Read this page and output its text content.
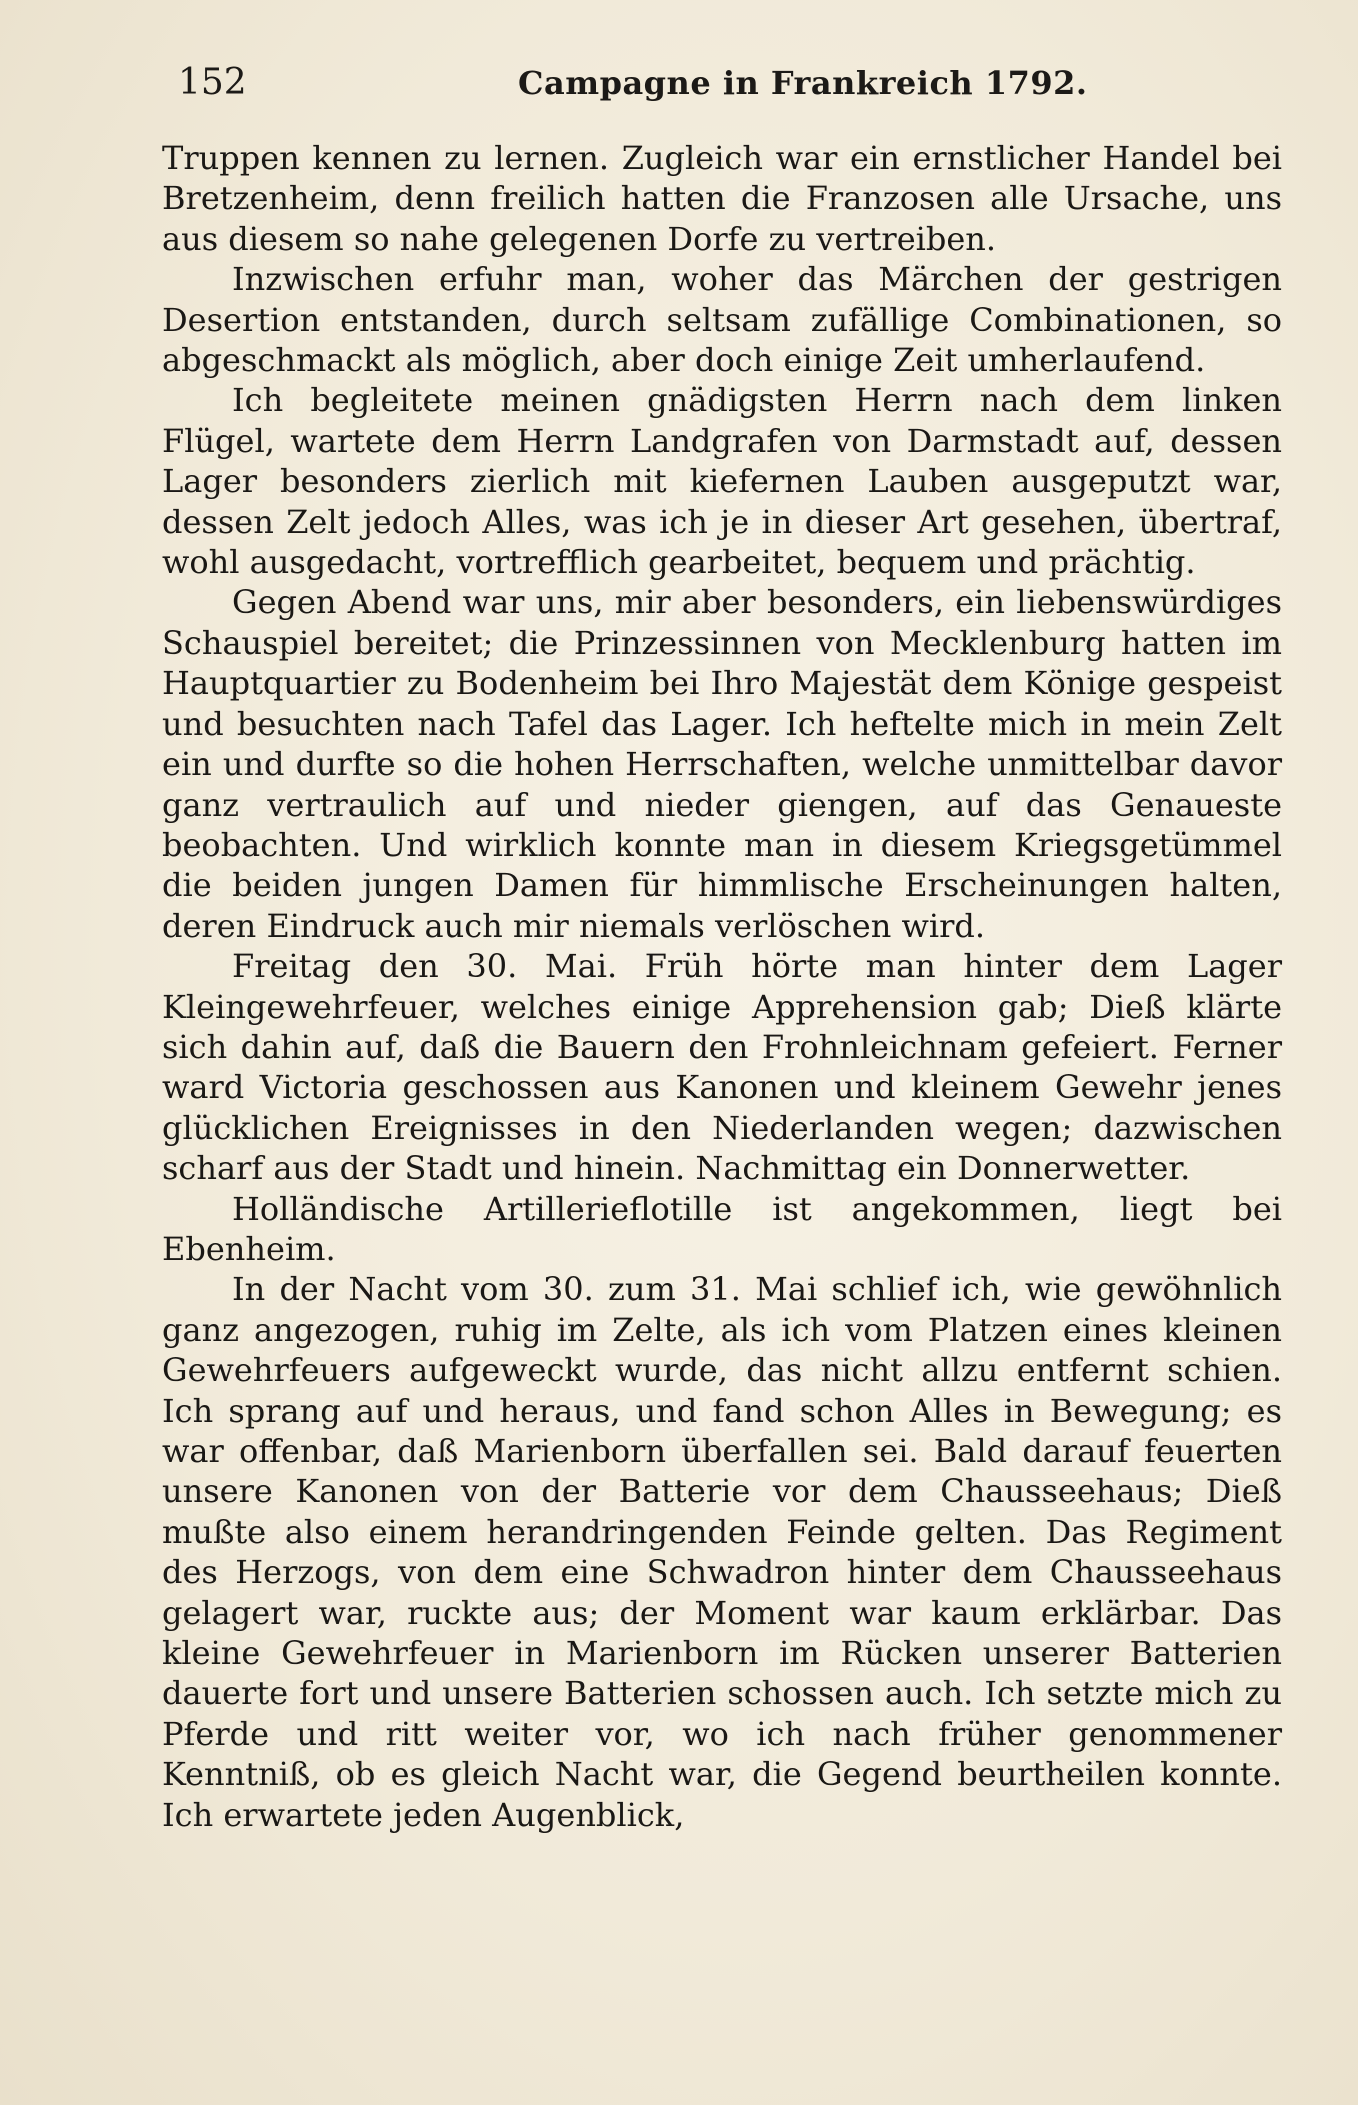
152	Campagne in Frankreich 1792.

Truppen kennen zu lernen. Zugleich war ein ernstlicher Handel bei Bretzenheim, denn freilich hatten die Franzosen alle Ursache, uns aus diesem so nahe gelegenen Dorfe zu vertreiben.

Inzwischen erfuhr man, woher das Märchen der gestrigen Desertion entstanden, durch seltsam zufällige Combinationen, so abgeschmackt als möglich, aber doch einige Zeit umherlaufend.

Ich begleitete meinen gnädigsten Herrn nach dem linken Flügel, wartete dem Herrn Landgrafen von Darmstadt auf, dessen Lager besonders zierlich mit kiefernen Lauben ausgeputzt war, dessen Zelt jedoch Alles, was ich je in dieser Art gesehen, übertraf, wohl ausgedacht, vortrefflich gearbeitet, bequem und prächtig.

Gegen Abend war uns, mir aber besonders, ein liebenswürdiges Schauspiel bereitet; die Prinzessinnen von Mecklenburg hatten im Hauptquartier zu Bodenheim bei Ihro Majestät dem Könige gespeist und besuchten nach Tafel das Lager. Ich heftelte mich in mein Zelt ein und durfte so die hohen Herrschaften, welche unmittelbar davor ganz vertraulich auf und nieder giengen, auf das Genaueste beobachten. Und wirklich konnte man in diesem Kriegsgetümmel die beiden jungen Damen für himmlische Erscheinungen halten, deren Eindruck auch mir niemals verlöschen wird.

Freitag den 30. Mai. Früh hörte man hinter dem Lager Kleingewehrfeuer, welches einige Apprehension gab; Dieß klärte sich dahin auf, daß die Bauern den Frohnleichnam gefeiert. Ferner ward Victoria geschossen aus Kanonen und kleinem Gewehr jenes glücklichen Ereignisses in den Niederlanden wegen; dazwischen scharf aus der Stadt und hinein. Nachmittag ein Donnerwetter.

Holländische Artillerieflotille ist angekommen, liegt bei Ebenheim.

In der Nacht vom 30. zum 31. Mai schlief ich, wie gewöhnlich ganz angezogen, ruhig im Zelte, als ich vom Platzen eines kleinen Gewehrfeuers aufgeweckt wurde, das nicht allzu entfernt schien. Ich sprang auf und heraus, und fand schon Alles in Bewegung; es war offenbar, daß Marienborn überfallen sei. Bald darauf feuerten unsere Kanonen von der Batterie vor dem Chausseehaus; Dieß mußte also einem herandringenden Feinde gelten. Das Regiment des Herzogs, von dem eine Schwadron hinter dem Chausseehaus gelagert war, ruckte aus; der Moment war kaum erklärbar. Das kleine Gewehrfeuer in Marienborn im Rücken unserer Batterien dauerte fort und unsere Batterien schossen auch. Ich setzte mich zu Pferde und ritt weiter vor, wo ich nach früher genommener Kenntniß, ob es gleich Nacht war, die Gegend beurtheilen konnte. Ich erwartete jeden Augenblick,
